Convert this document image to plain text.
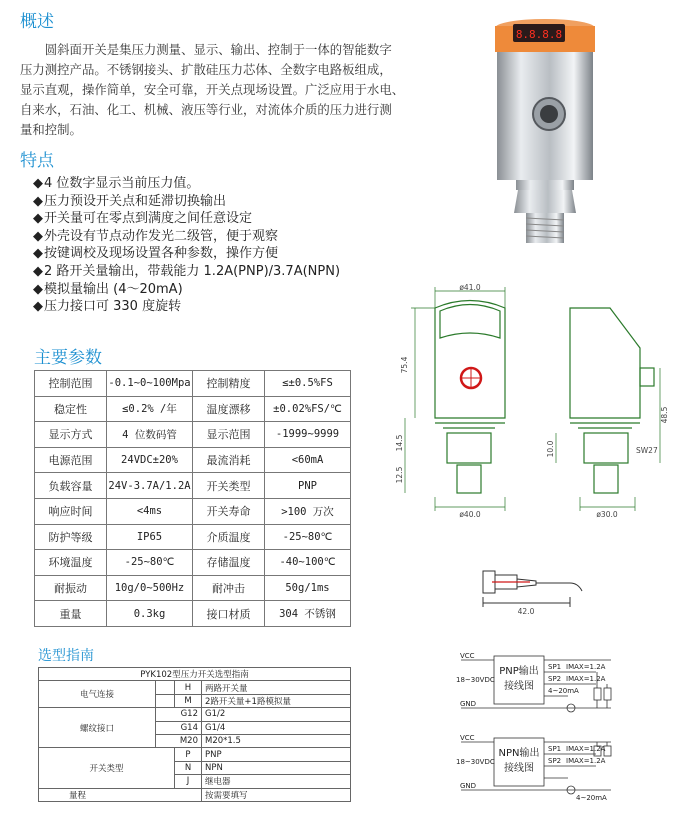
概述
　　圆斜面开关是集压力测量、显示、输出、控制于一体的智能数字
压力测控产品。不锈钢接头、扩散硅压力芯体、全数字电路板组成，
显示直观，操作简单，安全可靠，开关点现场设置。广泛应用于水电、
自来水，石油、化工、机械、液压等行业，对流体介质的压力进行测
量和控制。
特点
◆ 4 位数字显示当前压力值。
◆ 压力预设开关点和延滞切换输出
◆ 开关量可在零点到满度之间任意设定
◆ 外壳设有节点动作发光二级管，便于观察
◆ 按键调校及现场设置各种参数，操作方便
◆ 2 路开关量输出，带载能力 1.2A(PNP)/3.7A(NPN)
◆ 模拟量输出 (4～20mA)
◆ 压力接口可 330 度旋转
主要参数
控制范围	-0.1~0~100Mpa	控制精度	≤±0.5%FS
稳定性	≤0.2% /年	温度漂移	±0.02%FS/℃
显示方式	4 位数码管	显示范围	-1999~9999
电源范围	24VDC±20%	最流消耗	<60mA
负载容量	24V-3.7A/1.2A	开关类型	PNP
响应时间	<4ms	开关寿命	>100 万次
防护等级	IP65	介质温度	-25~80℃
环境温度	-25~80℃	存储温度	-40~100℃
耐振动	10g/0~500Hz	耐冲击	50g/1ms
重量	0.3kg	接口材质	304 不锈钢
选型指南
PYK102型压力开关选型指南			
电气连接		H	两路开关量
		M	2路开关量+1路模拟量
螺纹接口	G12		G1/2
	G14		G1/4
	M20		M20*1.5
开关类型		P	PNP
		N	NPN
		J	继电器
量程			按需要填写
8.8.8.8
ø41.0
75.4
14.5
12.5
ø40.0
48.5
10.0	SW27
ø30.0
42.0
VCC
18~30VDC
GND
PNP输出
接线图
SP1 IMAX=1.2A
SP2 IMAX=1.2A
4~20mA
VCC
18~30VDC
GND
NPN输出
接线图
SP1 IMAX=1.2A
SP2 IMAX=1.2A
4~20mA
